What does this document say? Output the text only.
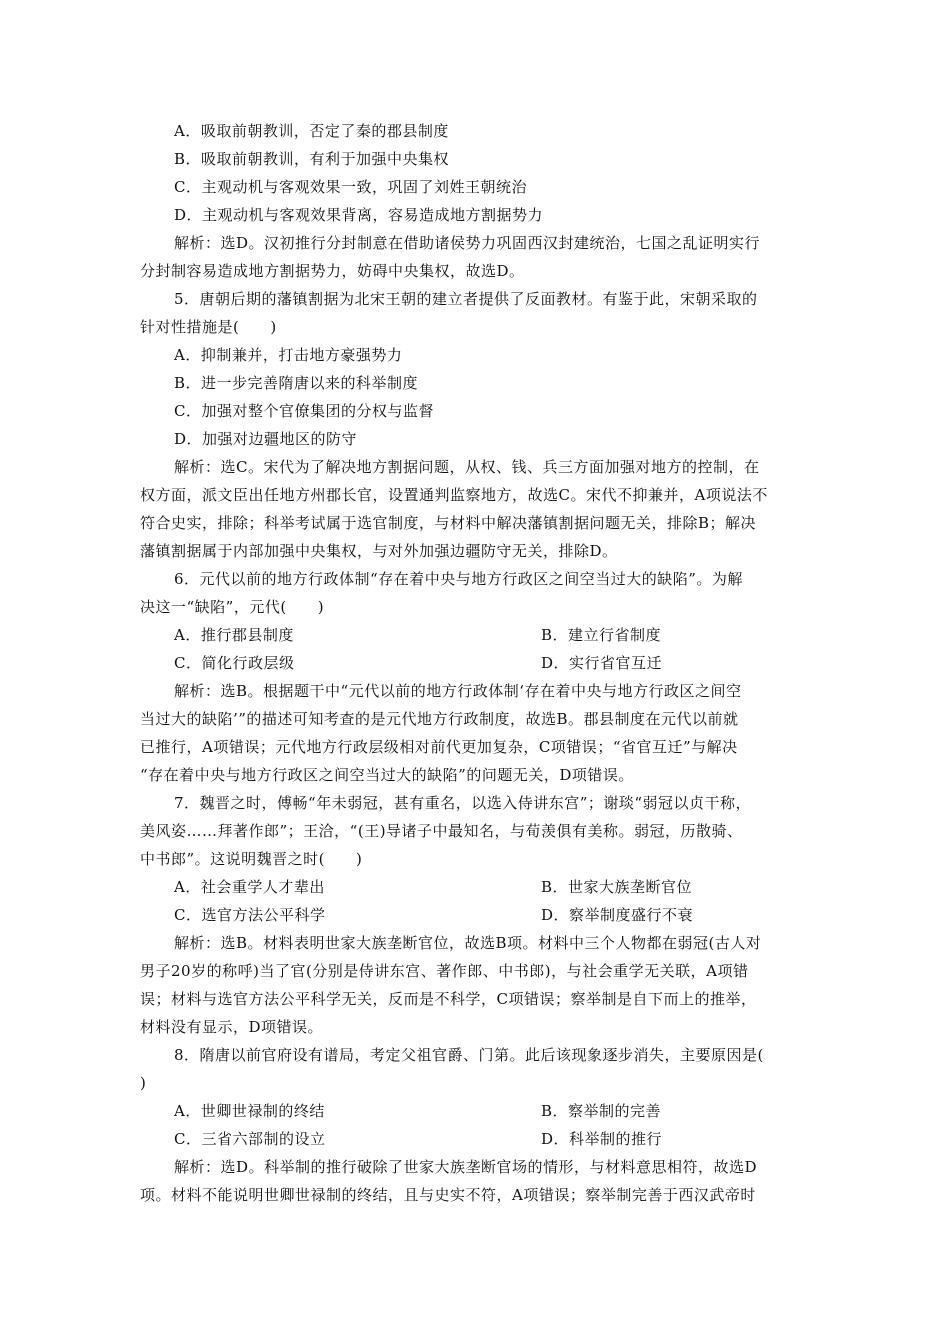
A．吸取前朝教训，否定了秦的郡县制度
B．吸取前朝教训，有利于加强中央集权
C．主观动机与客观效果一致，巩固了刘姓王朝统治
D．主观动机与客观效果背离，容易造成地方割据势力
解析：选D。汉初推行分封制意在借助诸侯势力巩固西汉封建统治，七国之乱证明实行
分封制容易造成地方割据势力，妨碍中央集权，故选D。
5．唐朝后期的藩镇割据为北宋王朝的建立者提供了反面教材。有鉴于此，宋朝采取的
针对性措施是(　　)
A．抑制兼并，打击地方豪强势力
B．进一步完善隋唐以来的科举制度
C．加强对整个官僚集团的分权与监督
D．加强对边疆地区的防守
解析：选C。宋代为了解决地方割据问题，从权、钱、兵三方面加强对地方的控制，在
权方面，派文臣出任地方州郡长官，设置通判监察地方，故选C。宋代不抑兼并，A项说法不
符合史实，排除；科举考试属于选官制度，与材料中解决藩镇割据问题无关，排除B；解决
藩镇割据属于内部加强中央集权，与对外加强边疆防守无关，排除D。
6．元代以前的地方行政体制“存在着中央与地方行政区之间空当过大的缺陷”。为解
决这一“缺陷”，元代(　　)
A．推行郡县制度	B．建立行省制度
C．简化行政层级	D．实行省官互迁
解析：选B。根据题干中“元代以前的地方行政体制‘存在着中央与地方行政区之间空
当过大的缺陷’”的描述可知考查的是元代地方行政制度，故选B。郡县制度在元代以前就
已推行，A项错误；元代地方行政层级相对前代更加复杂，C项错误；“省官互迁”与解决
“存在着中央与地方行政区之间空当过大的缺陷”的问题无关，D项错误。
7．魏晋之时，傅畅“年未弱冠，甚有重名，以选入侍讲东宫”；谢琰“弱冠以贞干称，
美风姿……拜著作郎”；王洽，“(王)导诸子中最知名，与荀羡俱有美称。弱冠，历散骑、
中书郎”。这说明魏晋之时(　　)
A．社会重学人才辈出	B．世家大族垄断官位
C．选官方法公平科学	D．察举制度盛行不衰
解析：选B。材料表明世家大族垄断官位，故选B项。材料中三个人物都在弱冠(古人对
男子20岁的称呼)当了官(分别是侍讲东宫、著作郎、中书郎)，与社会重学无关联，A项错
误；材料与选官方法公平科学无关，反而是不科学，C项错误；察举制是自下而上的推举，
材料没有显示，D项错误。
8．隋唐以前官府设有谱局，考定父祖官爵、门第。此后该现象逐步消失，主要原因是(
)
A．世卿世禄制的终结	B．察举制的完善
C．三省六部制的设立	D．科举制的推行
解析：选D。科举制的推行破除了世家大族垄断官场的情形，与材料意思相符，故选D
项。材料不能说明世卿世禄制的终结，且与史实不符，A项错误；察举制完善于西汉武帝时
